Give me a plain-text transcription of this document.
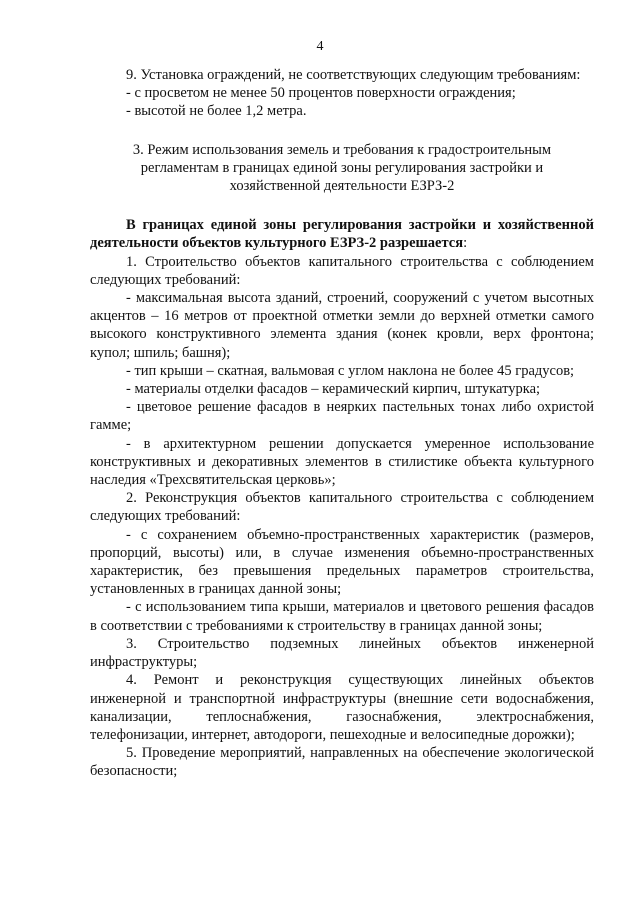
4

9. Установка ограждений, не соответствующих следующим требованиям:

- с просветом не менее 50 процентов поверхности ограждения;

- высотой не более 1,2 метра.

3. Режим использования земель и требования к градостроительным регламентам в границах единой зоны регулирования застройки и хозяйственной деятельности ЕЗРЗ-2

В границах единой зоны регулирования застройки и хозяйственной деятельности объектов культурного ЕЗРЗ-2 разрешается:

1. Строительство объектов капитального строительства с соблюдением следующих требований:

- максимальная высота зданий, строений, сооружений с учетом высотных акцентов – 16 метров от проектной отметки земли до верхней отметки самого высокого конструктивного элемента здания (конек кровли, верх фронтона; купол; шпиль; башня);

- тип крыши – скатная, вальмовая с углом наклона не более 45 градусов;

- материалы отделки фасадов – керамический кирпич, штукатурка;

- цветовое решение фасадов в неярких пастельных тонах либо охристой гамме;

- в архитектурном решении допускается умеренное использование конструктивных и декоративных элементов в стилистике объекта культурного наследия «Трехсвятительская церковь»;

2. Реконструкция объектов капитального строительства с соблюдением следующих требований:

- с сохранением объемно-пространственных характеристик (размеров, пропорций, высоты) или, в случае изменения объемно-пространственных характеристик, без превышения предельных параметров строительства, установленных в границах данной зоны;

- с использованием типа крыши, материалов и цветового решения фасадов в соответствии с требованиями к строительству в границах данной зоны;

3. Строительство подземных линейных объектов инженерной инфраструктуры;

4. Ремонт и реконструкция существующих линейных объектов инженерной и транспортной инфраструктуры (внешние сети водоснабжения, канализации, теплоснабжения, газоснабжения, электроснабжения, телефонизации, интернет, автодороги, пешеходные и велосипедные дорожки);

5. Проведение мероприятий, направленных на обеспечение экологической безопасности;
